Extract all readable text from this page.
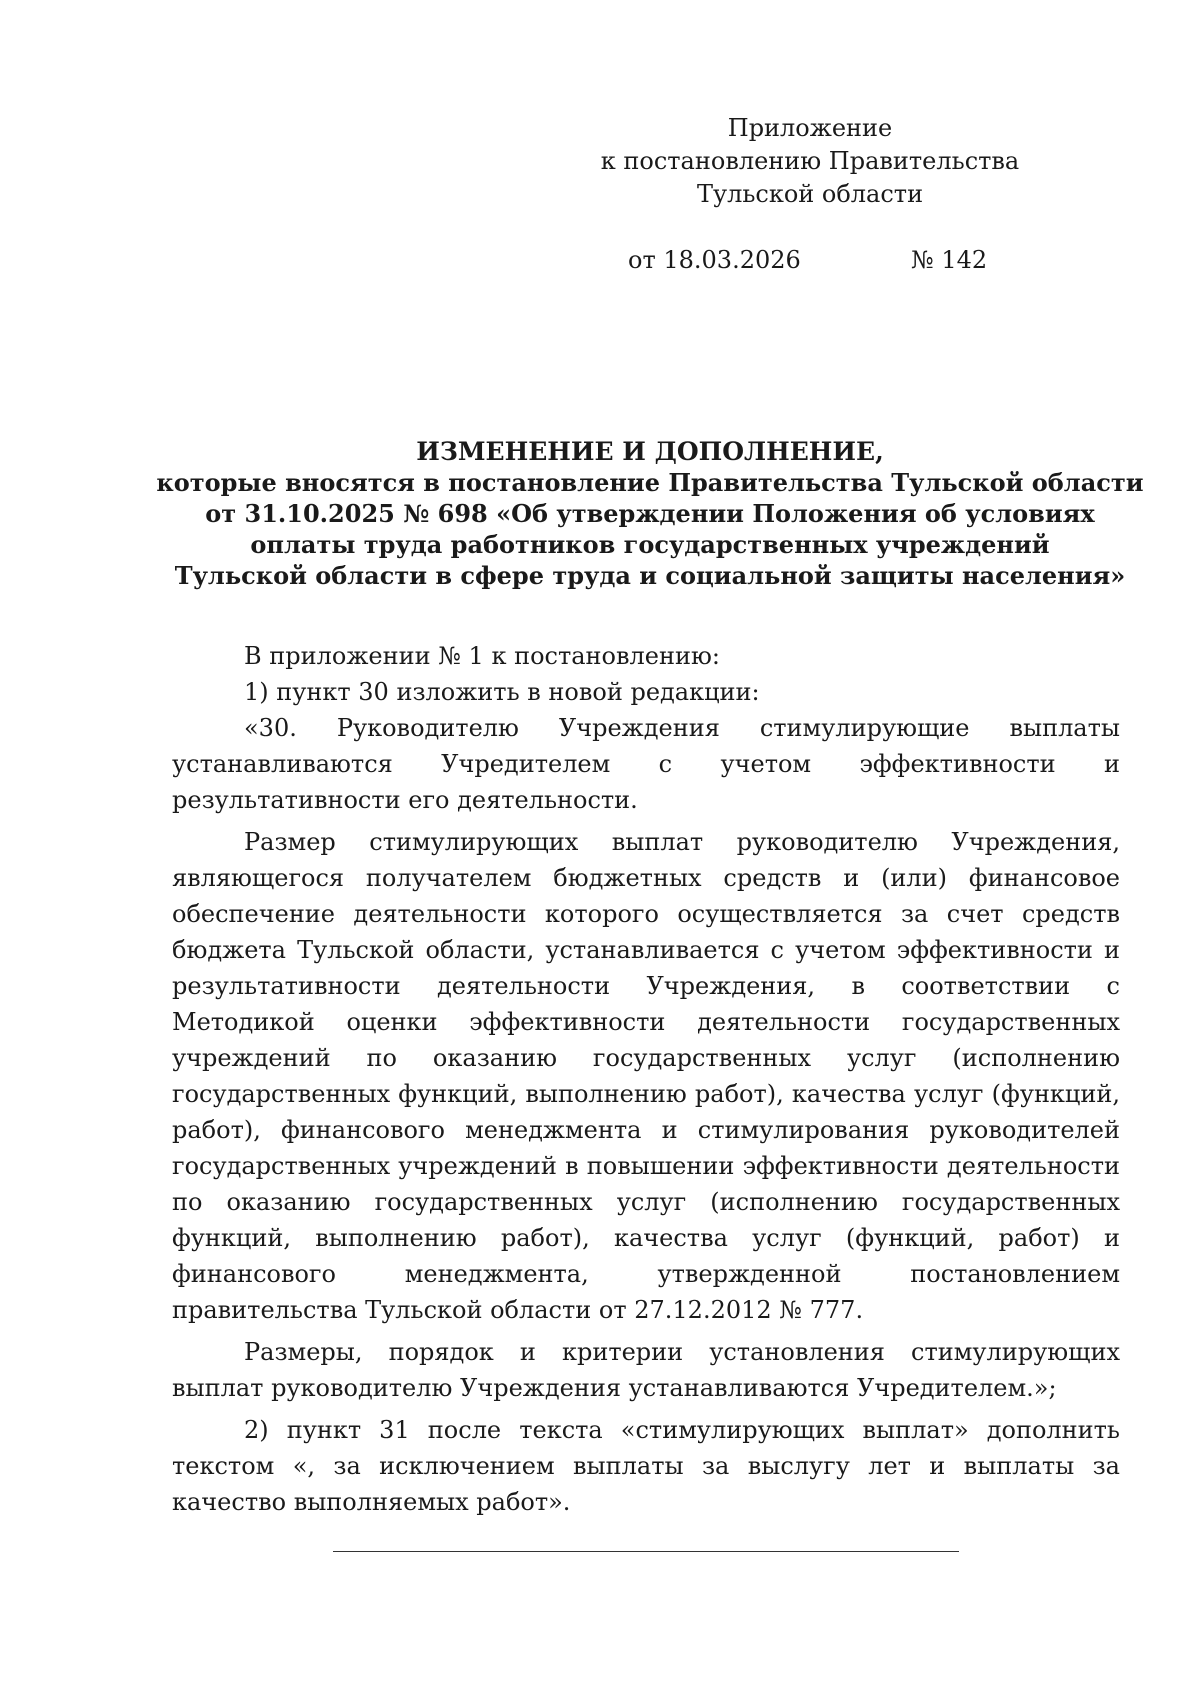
Приложение
к постановлению Правительства
Тульской области
от 18.03.2026	№ 142
ИЗМЕНЕНИЕ И ДОПОЛНЕНИЕ,
которые вносятся в постановление Правительства Тульской области
от 31.10.2025 № 698 «Об утверждении Положения об условиях
оплаты труда работников государственных учреждений
Тульской области в сфере труда и социальной защиты населения»

В приложении № 1 к постановлению:

1) пункт 30 изложить в новой редакции:

«30. Руководителю Учреждения стимулирующие выплаты устанавливаются Учредителем с учетом эффективности и результативности его деятельности.

Размер стимулирующих выплат руководителю Учреждения, являющегося получателем бюджетных средств и (или) финансовое обеспечение деятельности которого осуществляется за счет средств бюджета Тульской области, устанавливается с учетом эффективности и результативности деятельности Учреждения, в соответствии с Методикой оценки эффективности деятельности государственных учреждений по оказанию государственных услуг (исполнению государственных функций, выполнению работ), качества услуг (функций, работ), финансового менеджмента и стимулирования руководителей государственных учреждений в повышении эффективности деятельности по оказанию государственных услуг (исполнению государственных функций, выполнению работ), качества услуг (функций, работ) и финансового менеджмента, утвержденной постановлением правительства Тульской области от 27.12.2012 № 777.

Размеры, порядок и критерии установления стимулирующих выплат руководителю Учреждения устанавливаются Учредителем.»;

2) пункт 31 после текста «стимулирующих выплат» дополнить текстом «, за исключением выплаты за выслугу лет и выплаты за качество выполняемых работ».
